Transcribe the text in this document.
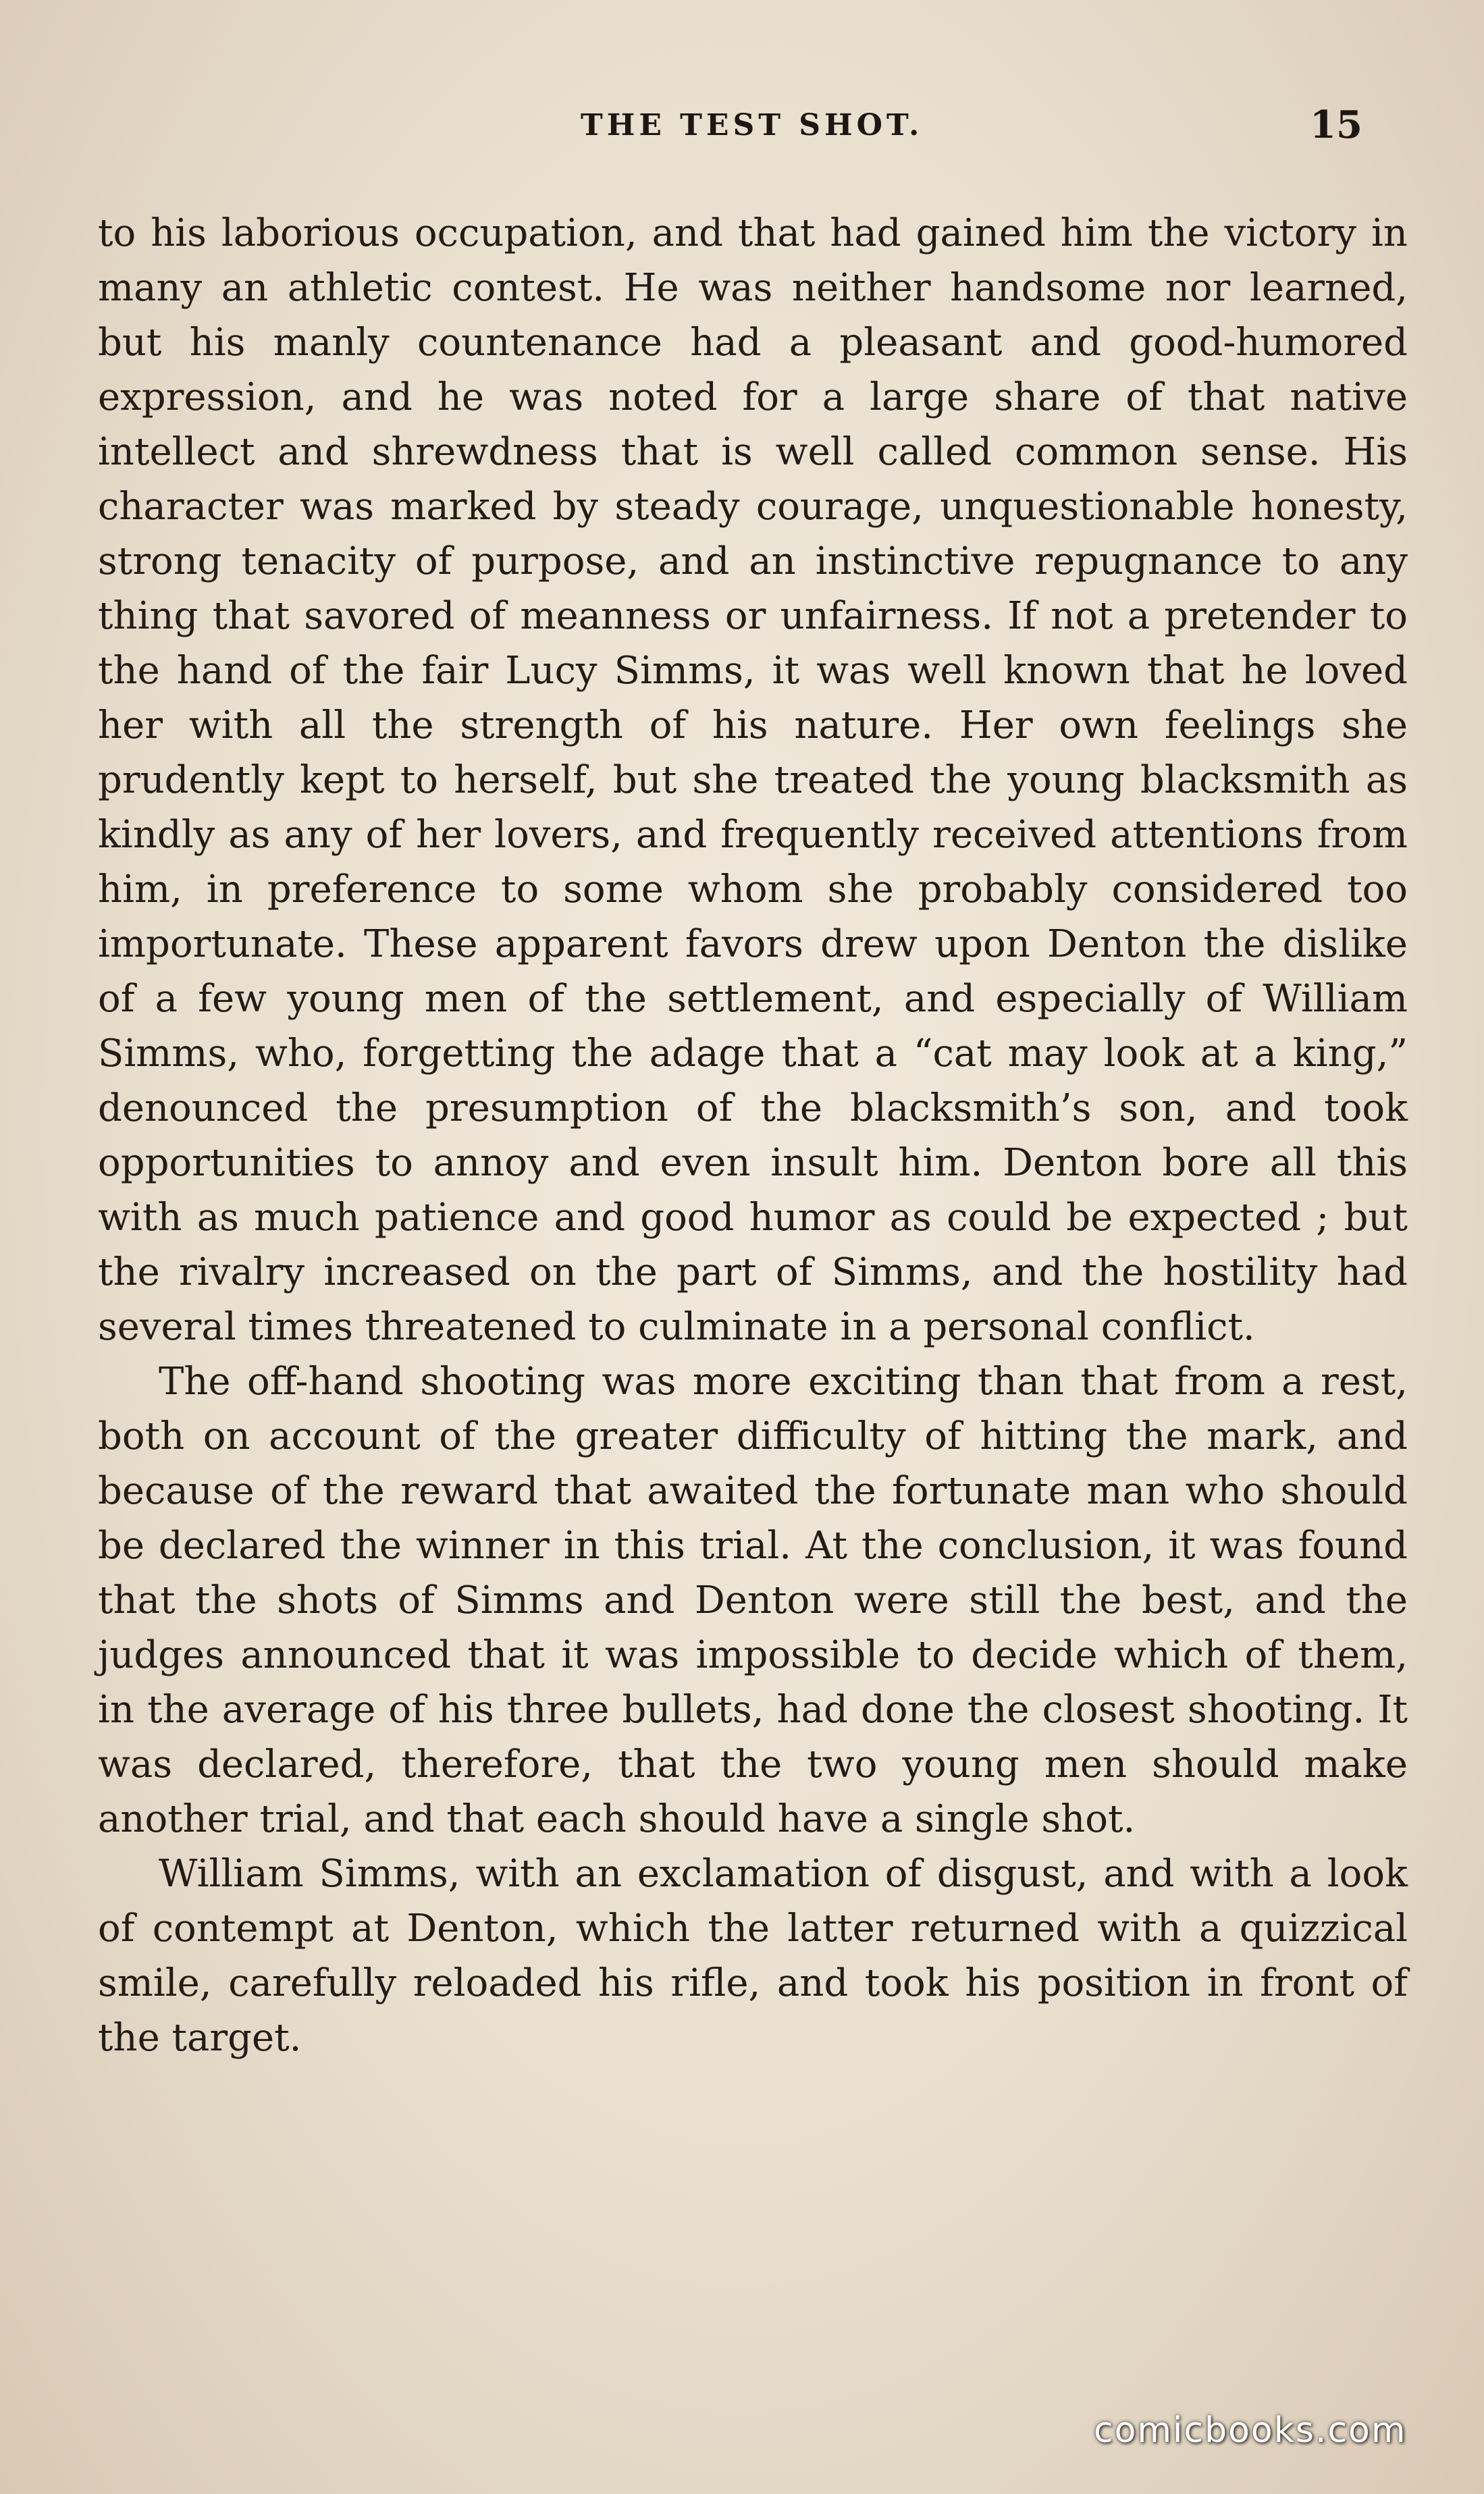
THE TEST SHOT.	15

to his laborious occupation, and that had gained him the victory in many an athletic contest. He was neither handsome nor learned, but his manly countenance had a pleasant and good-humored expression, and he was noted for a large share of that native intellect and shrewdness that is well called common sense. His character was marked by steady courage, unquestionable honesty, strong tenacity of purpose, and an instinctive repugnance to any thing that savored of meanness or unfairness. If not a pretender to the hand of the fair Lucy Simms, it was well known that he loved her with all the strength of his nature. Her own feelings she prudently kept to herself, but she treated the young blacksmith as kindly as any of her lovers, and frequently received attentions from him, in preference to some whom she probably considered too importunate. These apparent favors drew upon Denton the dislike of a few young men of the settlement, and especially of William Simms, who, forgetting the adage that a “cat may look at a king,” denounced the presumption of the blacksmith’s son, and took opportunities to annoy and even insult him. Denton bore all this with as much patience and good humor as could be expected ; but the rivalry increased on the part of Simms, and the hostility had several times threatened to culminate in a personal conflict.

The off-hand shooting was more exciting than that from a rest, both on account of the greater difficulty of hitting the mark, and because of the reward that awaited the fortunate man who should be declared the winner in this trial. At the conclusion, it was found that the shots of Simms and Denton were still the best, and the judges announced that it was impossible to decide which of them, in the average of his three bullets, had done the closest shooting. It was declared, therefore, that the two young men should make another trial, and that each should have a single shot.

William Simms, with an exclamation of disgust, and with a look of contempt at Denton, which the latter returned with a quizzical smile, carefully reloaded his rifle, and took his position in front of the target.

comicbooks.com
